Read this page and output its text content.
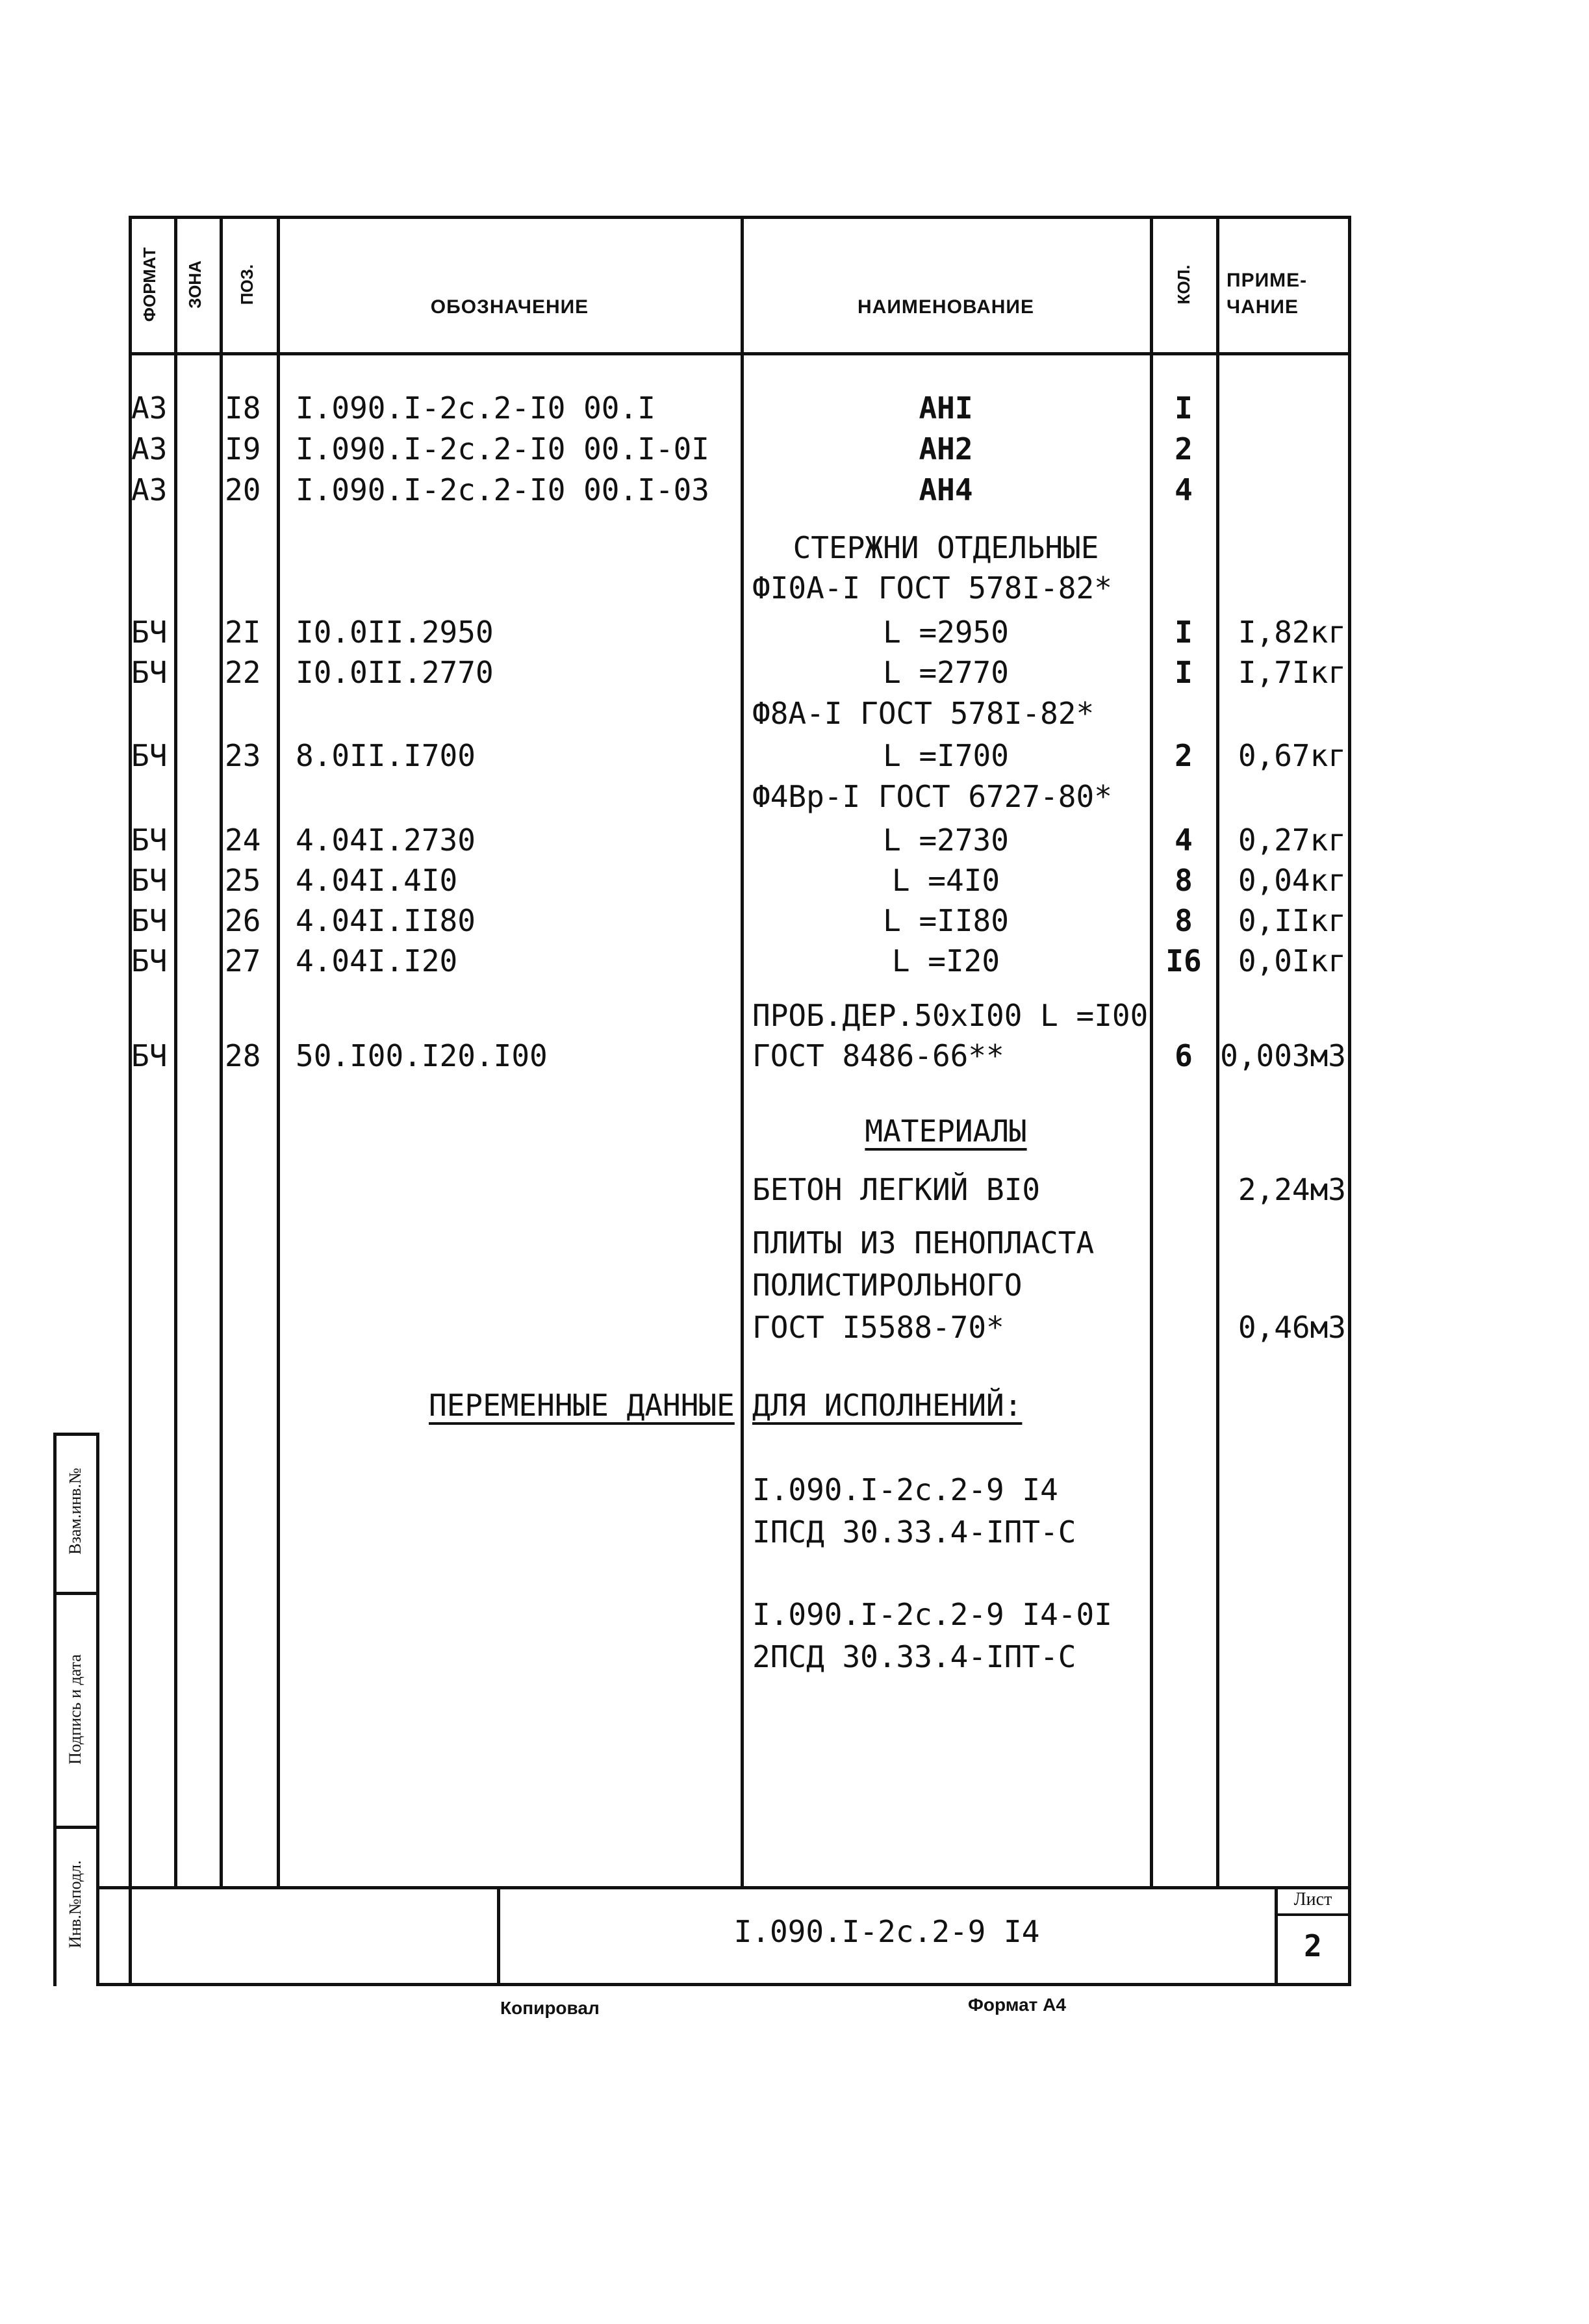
ФОРМАТ ЗОНА ПОЗ.
ОБОЗНАЧЕНИЕ	НАИМЕНОВАНИЕ
КОЛ.	ПРИМЕ-
ЧАНИЕ
А3 I8 I.090.I-2с.2-I0 00.I	АНI	I
А3 I9 I.090.I-2с.2-I0 00.I-0I	АН2	2
А3 20 I.090.I-2с.2-I0 00.I-03	АН4	4
СТЕРЖНИ ОТДЕЛЬНЫЕ
ФI0А-I ГОСТ 578I-82*
БЧ 2I I0.0II.2950	L =2950	I	I,82кг
БЧ 22 I0.0II.2770	L =2770	I	I,7Iкг
Ф8А-I ГОСТ 578I-82*
БЧ 23 8.0II.I700	L =I700	2	0,67кг
Ф4Вр-I ГОСТ 6727-80*
БЧ 24 4.04I.2730	L =2730	4	0,27кг
БЧ 25 4.04I.4I0	L =4I0	8	0,04кг
БЧ 26 4.04I.II80	L =II80	8	0,IIкг
БЧ 27 4.04I.I20	L =I20	I6	0,0Iкг
ПРОБ.ДЕР.50хI00 L =I00
БЧ 28 50.I00.I20.I00	ГОСТ 8486-66**	6 0,003м3
МАТЕРИАЛЫ
БЕТОН ЛЕГКИЙ ВI0	2,24м3
ПЛИТЫ ИЗ ПЕНОПЛАСТА
ПОЛИСТИРОЛЬНОГО
ГОСТ I5588-70*	0,46м3
ПЕРЕМЕННЫЕ ДАННЫЕ ДЛЯ ИСПОЛНЕНИЙ:
I.090.I-2с.2-9 I4
IПСД 30.33.4-IПТ-С
I.090.I-2с.2-9 I4-0I
2ПСД 30.33.4-IПТ-С
Взам.инв.№
Подпись и дата
Инв.№подл.	I.090.I-2с.2-9 I4
Лист
2
Копировал	Формат А4
